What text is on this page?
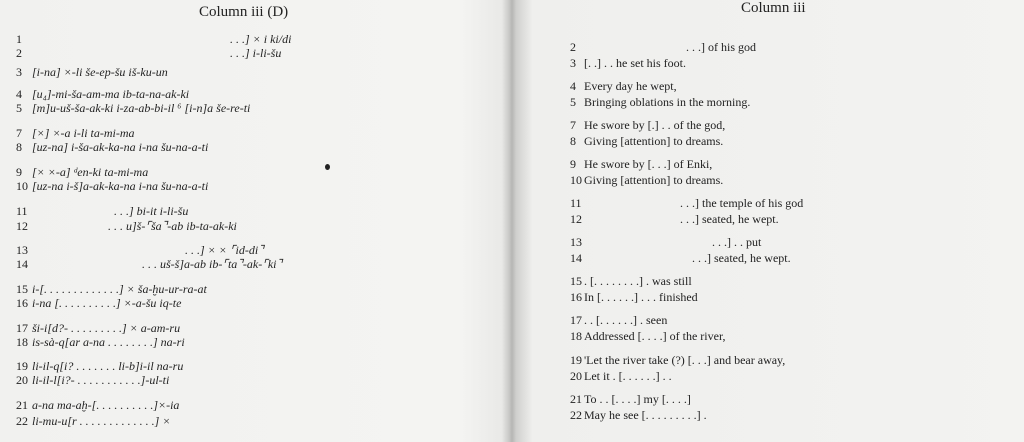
Column iii (D)
1	. . .] × i ki/di
2	. . .] i-li-šu
3 [i-na] ×-li še-ep-šu iš-ku-un
4 [u₄]-mi-ša-am-ma ib-ta-na-ak-ki
5 [m]u-uš-ša-ak-ki i-za-ab-bi-il ⁶ [i-n]a še-re-ti
7 [×] ×-a i-li ta-mi-ma
8 [uz-na] i-ša-ak-ka-na i-na šu-na-a-ti
9 [× ×-a] ᵈen-ki ta-mi-ma
10 [uz-na i-š]a-ak-ka-na i-na šu-na-a-ti
11	. . .] bi-it i-li-šu
12	. . . u]š-⌜ša⌝-ab ib-ta-ak-ki
13	. . .] × × ⌜id-di⌝
14	. . . uš-š]a-ab ib-⌜ta⌝-ak-⌜ki⌝
15 i-[. . . . . . . . . . . . .] × ša-ḫu-ur-ra-at
16 i-na [. . . . . . . . . .] ×-a-šu iq-te
17 ši-i[d?- . . . . . . . . .] × a-am-ru
18 is-sà-q[ar a-na . . . . . . . .] na-ri
19 li-il-q[i? . . . . . . . li-b]i-il na-ru
20 li-il-l[i?- . . . . . . . . . . .]-ul-ti
21 a-na ma-aḫ-[. . . . . . . . . .]×-ia
22 li-mu-u[r . . . . . . . . . . . . .] ×
Column iii
2	. . .] of his god
3 [. .] . . he set his foot.
4 Every day he wept,
5 Bringing oblations in the morning.
7 He swore by [.] . . of the god,
8 Giving [attention] to dreams.
9 He swore by [. . .] of Enki,
10 Giving [attention] to dreams.
11	. . .] the temple of his god
12	. . .] seated, he wept.
13	. . .] . . put
14	. . .] seated, he wept.
15 . [. . . . . . . .] . was still
16 In [. . . . . .] . . . finished
17 . . [. . . . . .] . seen
18 Addressed [. . . .] of the river,
19 'Let the river take (?) [. . .] and bear away,
20 Let it . [. . . . . .] . .
21 To . . [. . . .] my [. . . .]
22 May he see [. . . . . . . . .] .
